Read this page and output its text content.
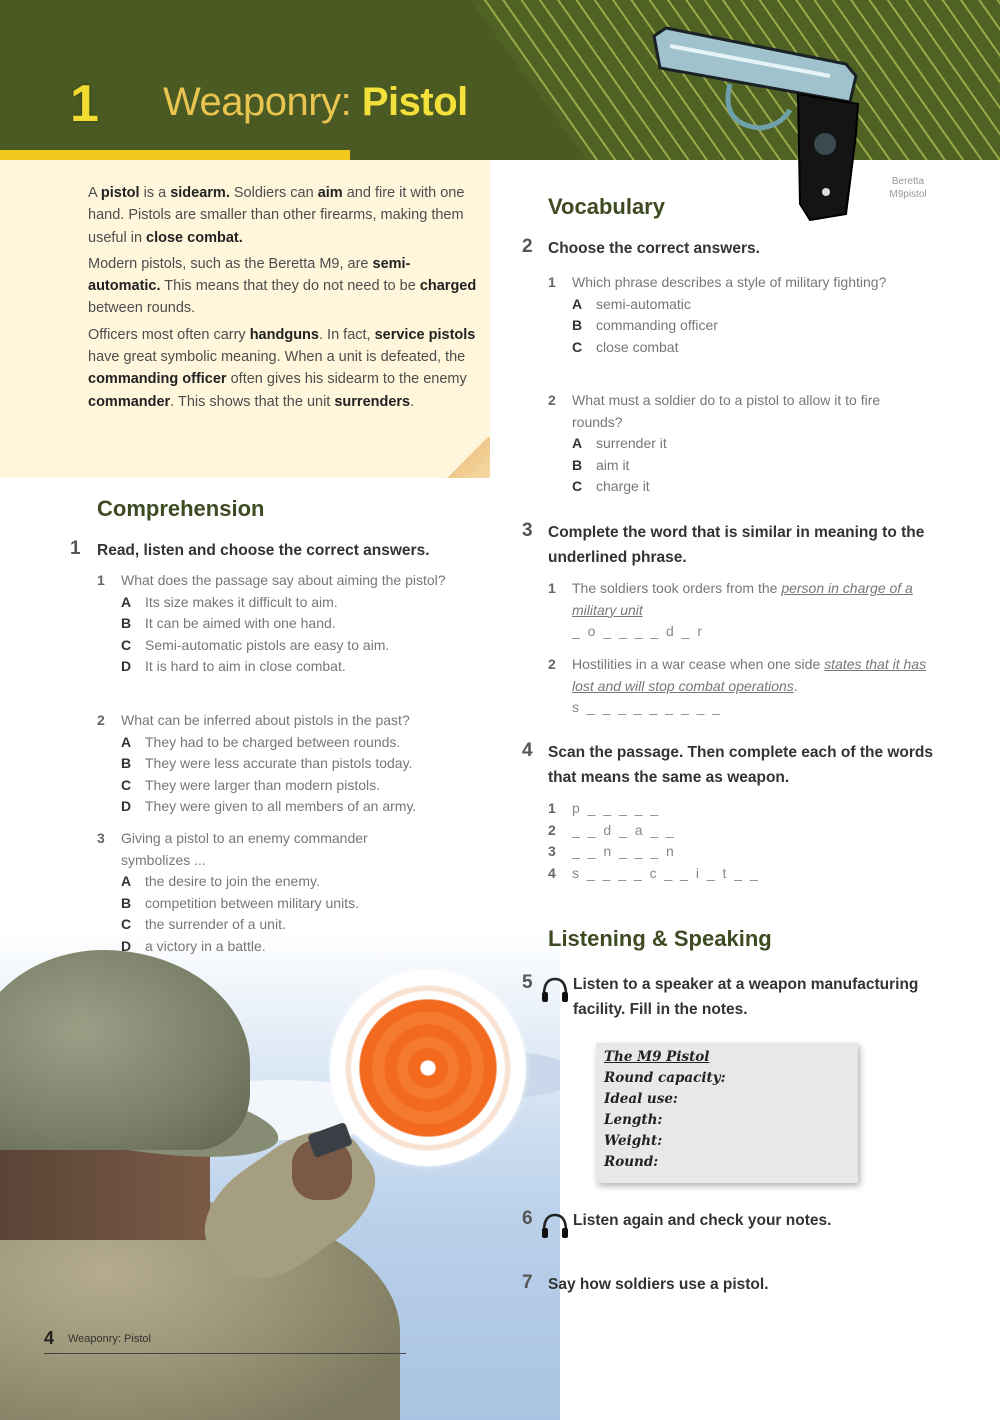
1 Weaponry: Pistol
Beretta
M9pistol

A pistol is a sidearm. Soldiers can aim and fire it with one hand. Pistols are smaller than other firearms, making them useful in close combat.

Modern pistols, such as the Beretta M9, are semi-automatic. This means that they do not need to be charged between rounds.

Officers most often carry handguns. In fact, service pistols have great symbolic meaning. When a unit is defeated, the commanding officer often gives his sidearm to the enemy commander. This shows that the unit surrenders.

Comprehension
1 Read, listen and choose the correct answers.
1	What does the passage say about aiming the pistol?
A Its size makes it difficult to aim.
B It can be aimed with one hand.
C Semi-automatic pistols are easy to aim.
D It is hard to aim in close combat.
2	What can be inferred about pistols in the past?
A They had to be charged between rounds.
B They were less accurate than pistols today.
C They were larger than modern pistols.
D They were given to all members of an army.
3	Giving a pistol to an enemy commander symbolizes ...
A the desire to join the enemy.
B competition between military units.
C the surrender of a unit.
D a victory in a battle.
Vocabulary
2 Choose the correct answers.
1	Which phrase describes a style of military fighting?
A semi-automatic
B commanding officer
C close combat
2	What must a soldier do to a pistol to allow it to fire rounds?
A surrender it
B aim it
C charge it
3 Complete the word that is similar in meaning to the underlined phrase.
1	The soldiers took orders from the person in charge of a military unit
_ o _ _ _ _ d _ r
2	Hostilities in a war cease when one side states that it has lost and will stop combat operations.
s _ _ _ _ _ _ _ _ _
4 Scan the passage. Then complete each of the words that means the same as weapon.
1	p _ _ _ _ _
2	_ _ d _ a _ _
3	_ _ n _ _ _ n
4	s _ _ _ _ c _ _ i _ t _ _
Listening & Speaking
5	Listen to a speaker at a weapon manufacturing facility. Fill in the notes.
The M9 Pistol
Round capacity:
Ideal use:
Length:
Weight:
Round:
6	Listen again and check your notes.
7 Say how soldiers use a pistol.
4 Weaponry: Pistol
